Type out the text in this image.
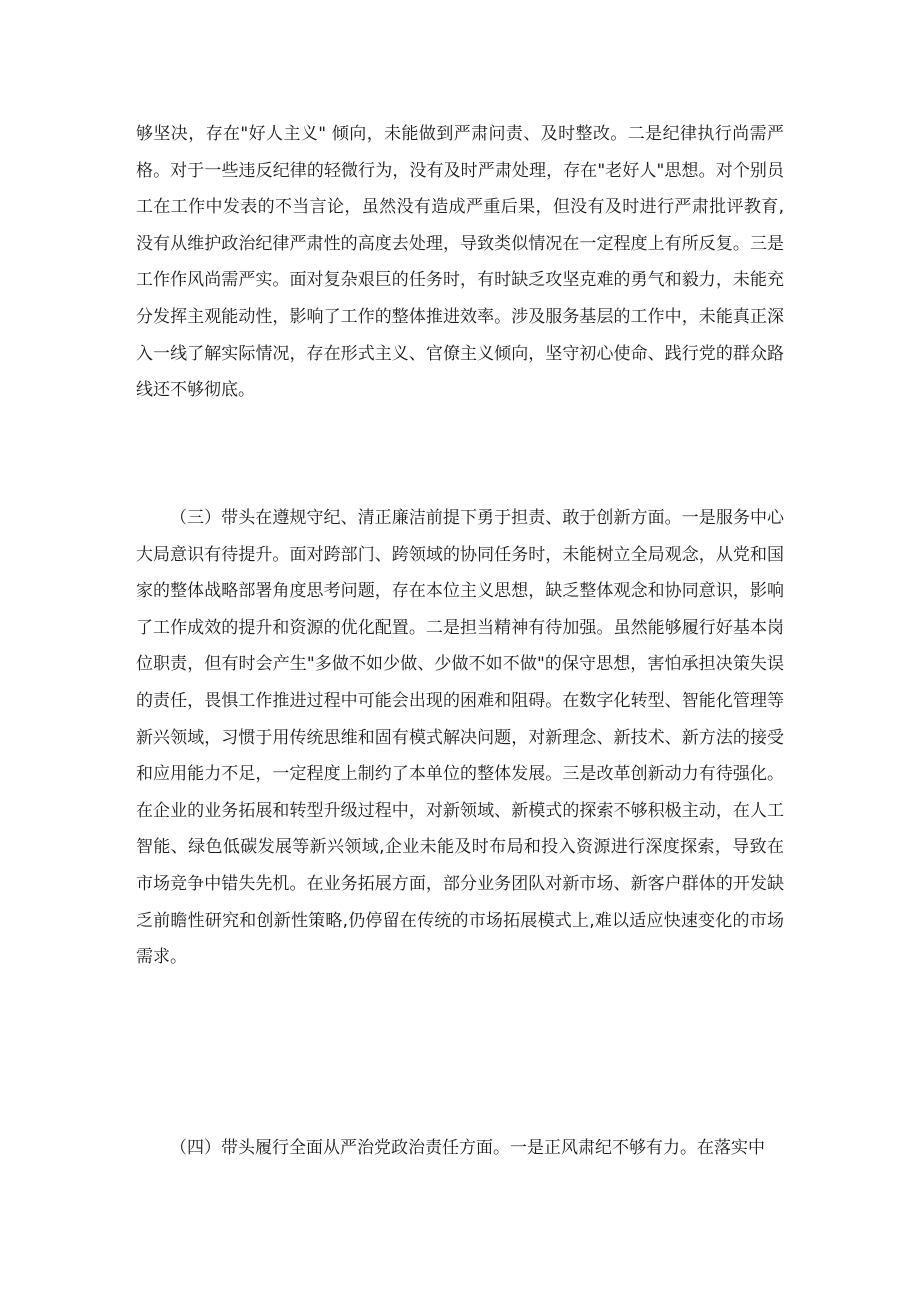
够坚决，存在"好人主义" 倾向，未能做到严肃问责、及时整改。二是纪律执行尚需严格。对于一些违反纪律的轻微行为，没有及时严肃处理，存在"老好人"思想。对个别员工在工作中发表的不当言论，虽然没有造成严重后果，但没有及时进行严肃批评教育,没有从维护政治纪律严肃性的高度去处理，导致类似情况在一定程度上有所反复。三是工作作风尚需严实。面对复杂艰巨的任务时，有时缺乏攻坚克难的勇气和毅力，未能充分发挥主观能动性，影响了工作的整体推进效率。涉及服务基层的工作中，未能真正深入一线了解实际情况，存在形式主义、官僚主义倾向，坚守初心使命、践行党的群众路线还不够彻底。

（三）带头在遵规守纪、清正廉洁前提下勇于担责、敢于创新方面。一是服务中心大局意识有待提升。面对跨部门、跨领域的协同任务时，未能树立全局观念，从党和国家的整体战略部署角度思考问题，存在本位主义思想，缺乏整体观念和协同意识，影响了工作成效的提升和资源的优化配置。二是担当精神有待加强。虽然能够履行好基本岗位职责，但有时会产生"多做不如少做、少做不如不做"的保守思想，害怕承担决策失误的责任，畏惧工作推进过程中可能会出现的困难和阻碍。在数字化转型、智能化管理等新兴领域，习惯于用传统思维和固有模式解决问题，对新理念、新技术、新方法的接受和应用能力不足，一定程度上制约了本单位的整体发展。三是改革创新动力有待强化。在企业的业务拓展和转型升级过程中，对新领域、新模式的探索不够积极主动，在人工智能、绿色低碳发展等新兴领域,企业未能及时布局和投入资源进行深度探索，导致在市场竞争中错失先机。在业务拓展方面，部分业务团队对新市场、新客户群体的开发缺乏前瞻性研究和创新性策略,仍停留在传统的市场拓展模式上,难以适应快速变化的市场需求。

（四）带头履行全面从严治党政治责任方面。一是正风肃纪不够有力。在落实中
